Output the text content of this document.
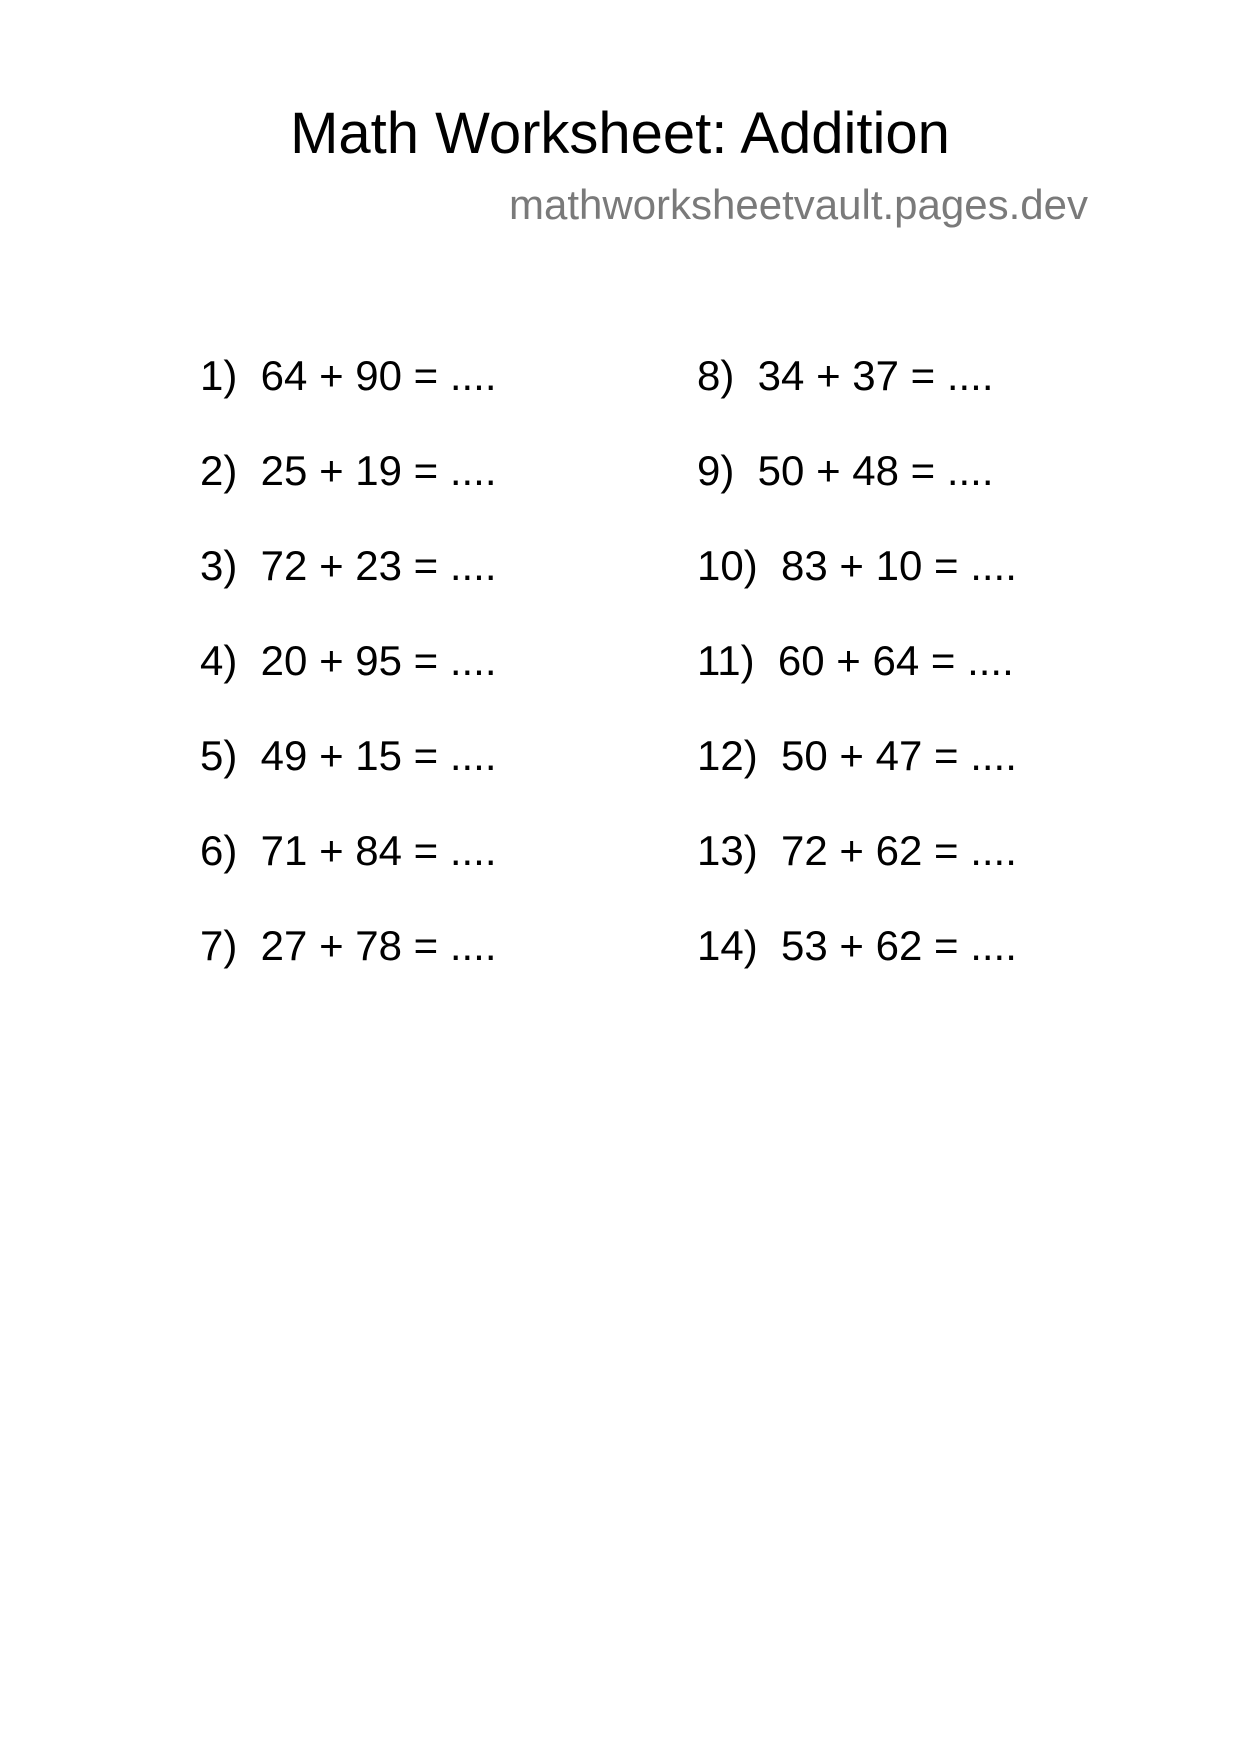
Math Worksheet: Addition
mathworksheetvault.pages.dev
1)  64 + 90 = ....
2)  25 + 19 = ....
3)  72 + 23 = ....
4)  20 + 95 = ....
5)  49 + 15 = ....
6)  71 + 84 = ....
7)  27 + 78 = ....
8)  34 + 37 = ....
9)  50 + 48 = ....
10)  83 + 10 = ....
11)  60 + 64 = ....
12)  50 + 47 = ....
13)  72 + 62 = ....
14)  53 + 62 = ....
